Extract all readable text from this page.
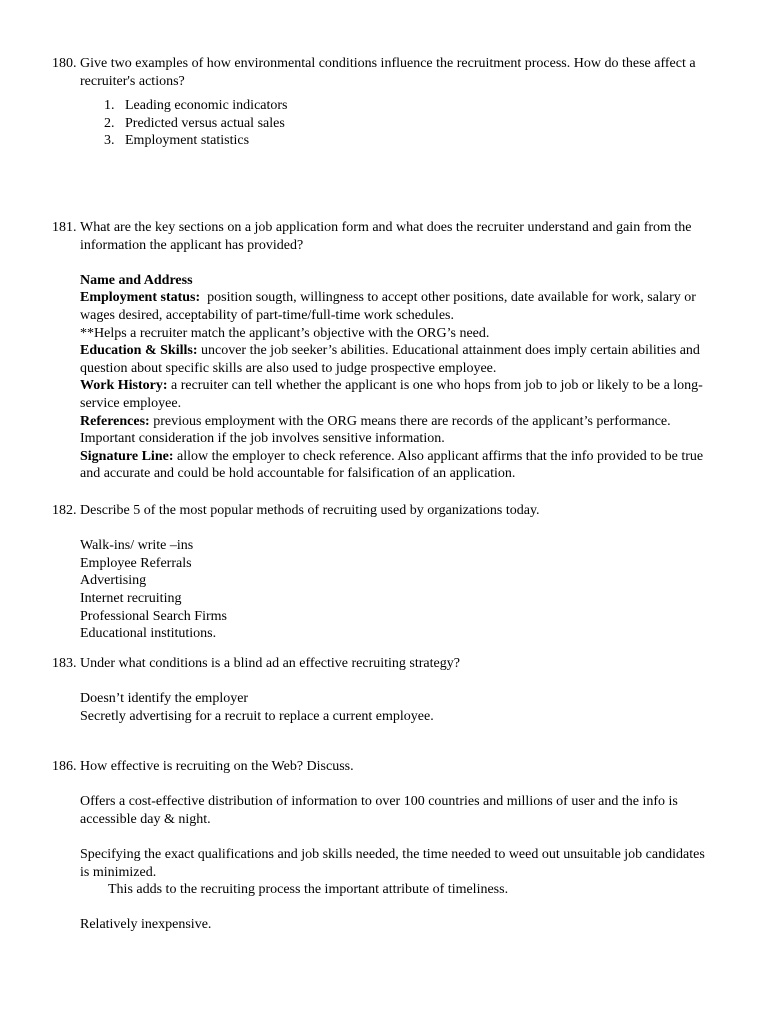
180. Give two examples of how environmental conditions influence the recruitment process. How do these affect a recruiter's actions?
1. Leading economic indicators
2. Predicted versus actual sales
3. Employment statistics
181. What are the key sections on a job application form and what does the recruiter understand and gain from the information the applicant has provided?
Name and Address
Employment status:  position sougth, willingness to accept other positions, date available for work, salary or wages desired, acceptability of part-time/full-time work schedules.
**Helps a recruiter match the applicant’s objective with the ORG’s need.
Education & Skills: uncover the job seeker’s abilities. Educational attainment does imply certain abilities and question about specific skills are also used to judge prospective employee.
Work History: a recruiter can tell whether the applicant is one who hops from job to job or likely to be a long-service employee.
References: previous employment with the ORG means there are records of the applicant’s performance. Important consideration if the job involves sensitive information.
Signature Line: allow the employer to check reference. Also applicant affirms that the info provided to be true and accurate and could be hold accountable for falsification of an application.
182. Describe 5 of the most popular methods of recruiting used by organizations today.
Walk-ins/ write –ins
Employee Referrals
Advertising
Internet recruiting
Professional Search Firms
Educational institutions.
183. Under what conditions is a blind ad an effective recruiting strategy?
Doesn’t identify the employer
Secretly advertising for a recruit to replace a current employee.
186. How effective is recruiting on the Web? Discuss.
Offers a cost-effective distribution of information to over 100 countries and millions of user and the info is accessible day & night.
Specifying the exact qualifications and job skills needed, the time needed to weed out unsuitable job candidates is minimized.
This adds to the recruiting process the important attribute of timeliness.
Relatively inexpensive.
